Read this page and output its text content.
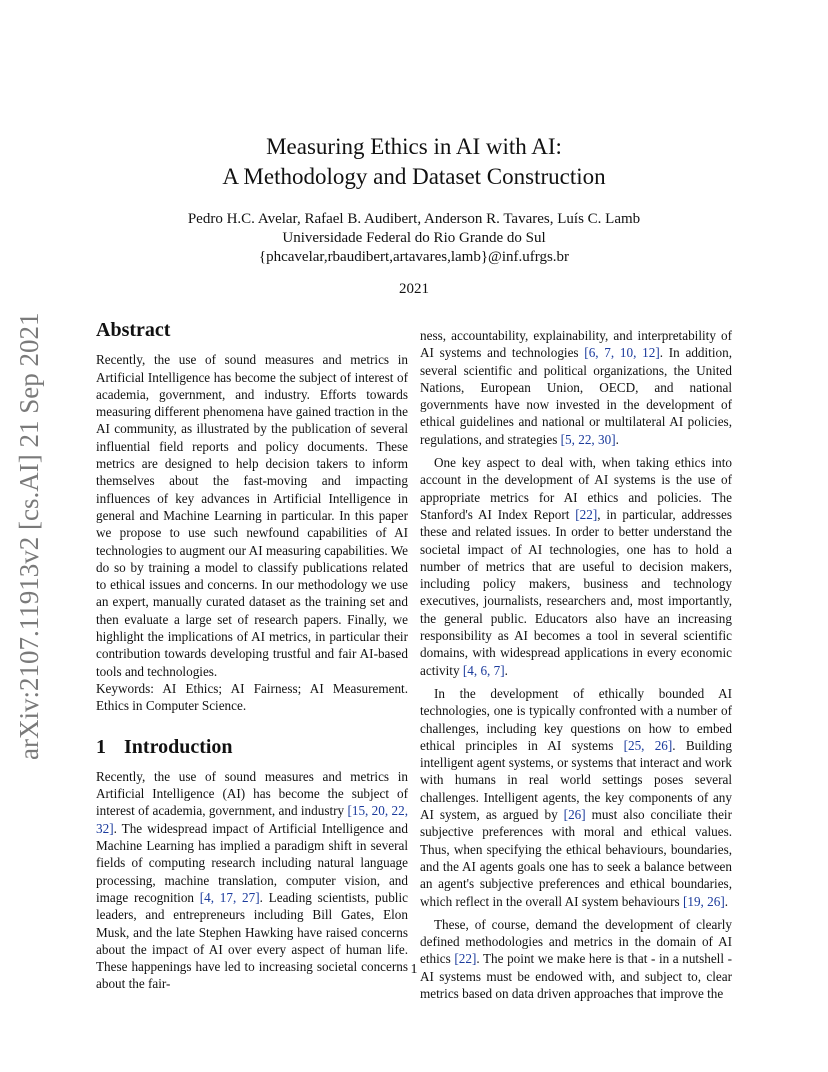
arXiv:2107.11913v2 [cs.AI] 21 Sep 2021
Measuring Ethics in AI with AI:
A Methodology and Dataset Construction
Pedro H.C. Avelar, Rafael B. Audibert, Anderson R. Tavares, Luís C. Lamb
Universidade Federal do Rio Grande do Sul
{phcavelar,rbaudibert,artavares,lamb}@inf.ufrgs.br
2021
Abstract

Recently, the use of sound measures and metrics in Artificial Intelligence has become the subject of interest of academia, government, and industry. Efforts towards measuring different phenomena have gained traction in the AI community, as illustrated by the publication of several influential field reports and policy documents. These metrics are designed to help decision takers to inform themselves about the fast-moving and impacting influences of key advances in Artificial Intelligence in general and Machine Learning in particular. In this paper we propose to use such newfound capabilities of AI technologies to augment our AI measuring capabilities. We do so by training a model to classify publications related to ethical issues and concerns. In our methodology we use an expert, manually curated dataset as the training set and then evaluate a large set of research papers. Finally, we highlight the implications of AI metrics, in particular their contribution towards developing trustful and fair AI-based tools and technologies.

Keywords: AI Ethics; AI Fairness; AI Measurement. Ethics in Computer Science.

1 Introduction

Recently, the use of sound measures and metrics in Artificial Intelligence (AI) has become the subject of interest of academia, government, and industry [15, 20, 22, 32]. The widespread impact of Artificial Intelligence and Machine Learning has implied a paradigm shift in several fields of computing research including natural language processing, machine translation, computer vision, and image recognition [4, 17, 27]. Leading scientists, public leaders, and entrepreneurs including Bill Gates, Elon Musk, and the late Stephen Hawking have raised concerns about the impact of AI over every aspect of human life. These happenings have led to increasing societal concerns about the fair-

ness, accountability, explainability, and interpretability of AI systems and technologies [6, 7, 10, 12]. In addition, several scientific and political organizations, the United Nations, European Union, OECD, and national governments have now invested in the development of ethical guidelines and national or multilateral AI policies, regulations, and strategies [5, 22, 30].

One key aspect to deal with, when taking ethics into account in the development of AI systems is the use of appropriate metrics for AI ethics and policies. The Stanford's AI Index Report [22], in particular, addresses these and related issues. In order to better understand the societal impact of AI technologies, one has to hold a number of metrics that are useful to decision makers, including policy makers, business and technology executives, journalists, researchers and, most importantly, the general public. Educators also have an increasing responsibility as AI becomes a tool in several scientific domains, with widespread applications in every economic activity [4, 6, 7].

In the development of ethically bounded AI technologies, one is typically confronted with a number of challenges, including key questions on how to embed ethical principles in AI systems [25, 26]. Building intelligent agent systems, or systems that interact and work with humans in real world settings poses several challenges. Intelligent agents, the key components of any AI system, as argued by [26] must also conciliate their subjective preferences with moral and ethical values. Thus, when specifying the ethical behaviours, boundaries, and the AI agents goals one has to seek a balance between an agent's subjective preferences and ethical boundaries, which reflect in the overall AI system behaviours [19, 26].

These, of course, demand the development of clearly defined methodologies and metrics in the domain of AI ethics [22]. The point we make here is that - in a nutshell - AI systems must be endowed with, and subject to, clear metrics based on data driven approaches that improve the

1
